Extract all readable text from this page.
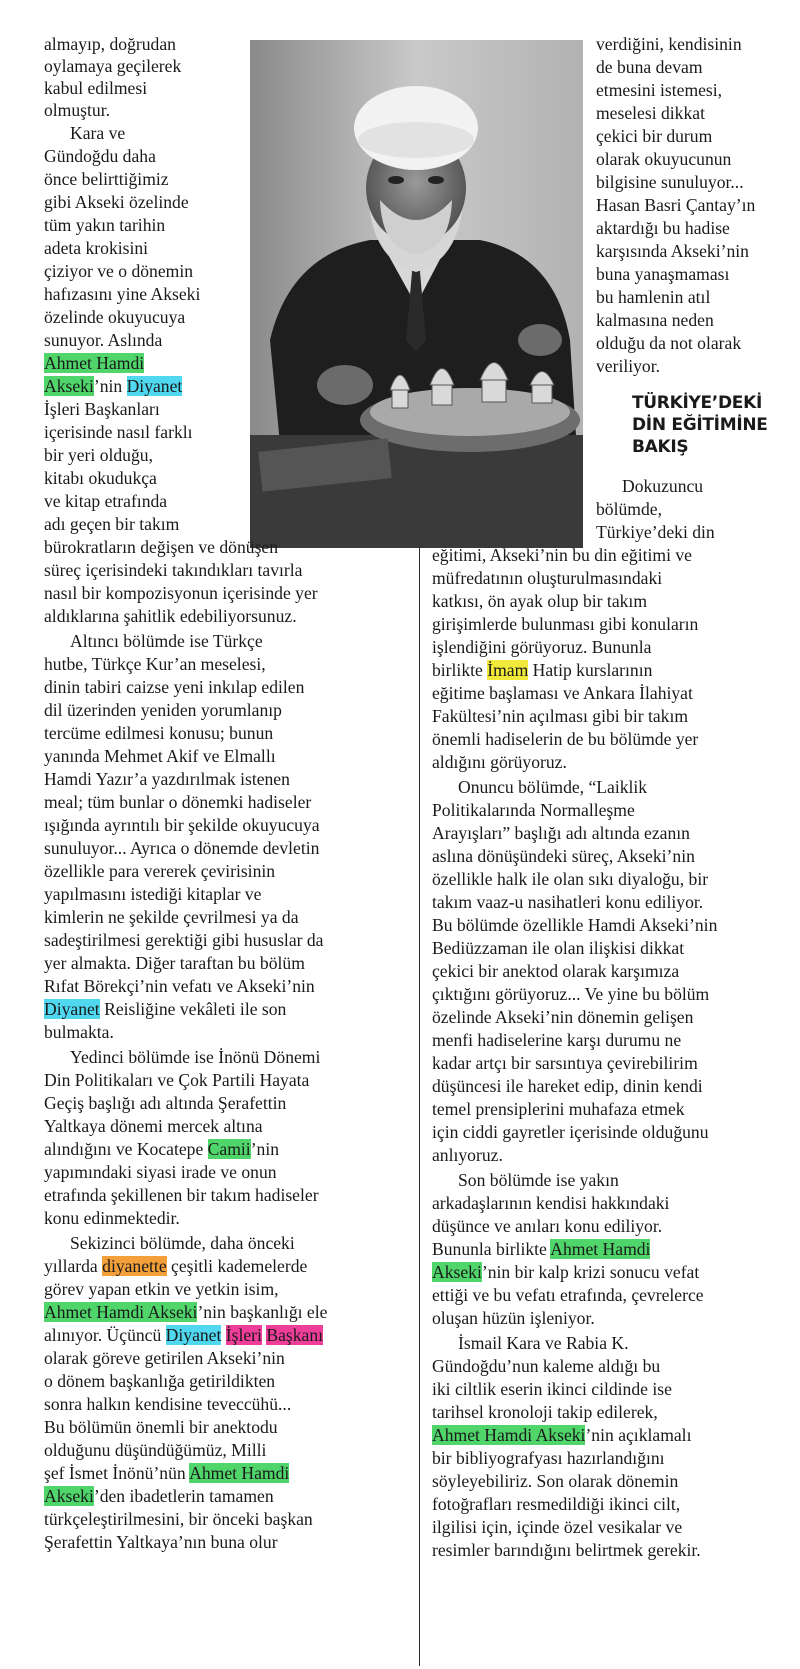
almayıp, doğrudan
oylamaya geçilerek
kabul edilmesi
olmuştur.
Kara ve
Gündoğdu daha
önce belirttiğimiz
gibi Akseki özelinde
tüm yakın tarihin
adeta krokisini
çiziyor ve o dönemin
hafızasını yine Akseki
özelinde okuyucuya
sunuyor. Aslında
Ahmet Hamdi
Akseki’nin Diyanet
İşleri Başkanları
içerisinde nasıl farklı
bir yeri olduğu,
kitabı okudukça
ve kitap etrafında
adı geçen bir takım
bürokratların değişen ve dönüşen
süreç içerisindeki takındıkları tavırla
nasıl bir kompozisyonun içerisinde yer
aldıklarına şahitlik edebiliyorsunuz.
Altıncı bölümde ise Türkçe
hutbe, Türkçe Kur’an meselesi,
dinin tabiri caizse yeni inkılap edilen
dil üzerinden yeniden yorumlanıp
tercüme edilmesi konusu; bunun
yanında Mehmet Akif ve Elmallı
Hamdi Yazır’a yazdırılmak istenen
meal; tüm bunlar o dönemki hadiseler
ışığında ayrıntılı bir şekilde okuyucuya
sunuluyor... Ayrıca o dönemde devletin
özellikle para vererek çevirisinin
yapılmasını istediği kitaplar ve
kimlerin ne şekilde çevrilmesi ya da
sadeştirilmesi gerektiği gibi hususlar da
yer almakta. Diğer taraftan bu bölüm
Rıfat Börekçi’nin vefatı ve Akseki’nin
Diyanet Reisliğine vekâleti ile son
bulmakta.
Yedinci bölümde ise İnönü Dönemi
Din Politikaları ve Çok Partili Hayata
Geçiş başlığı adı altında Şerafettin
Yaltkaya dönemi mercek altına
alındığını ve Kocatepe Camii’nin
yapımındaki siyasi irade ve onun
etrafında şekillenen bir takım hadiseler
konu edinmektedir.
Sekizinci bölümde, daha önceki
yıllarda diyanette çeşitli kademelerde
görev yapan etkin ve yetkin isim,
Ahmet Hamdi Akseki’nin başkanlığı ele
alınıyor. Üçüncü Diyanet İşleri Başkanı
olarak göreve getirilen Akseki’nin
o dönem başkanlığa getirildikten
sonra halkın kendisine teveccühü...
Bu bölümün önemli bir anektodu
olduğunu düşündüğümüz, Milli
şef İsmet İnönü’nün Ahmet Hamdi
Akseki’den ibadetlerin tamamen
türkçeleştirilmesini, bir önceki başkan
Şerafettin Yaltkaya’nın buna olur
verdiğini, kendisinin
de buna devam
etmesini istemesi,
meselesi dikkat
çekici bir durum
olarak okuyucunun
bilgisine sunuluyor...
Hasan Basri Çantay’ın
aktardığı bu hadise
karşısında Akseki’nin
buna yanaşmaması
bu hamlenin atıl
kalmasına neden
olduğu da not olarak
veriliyor.
TÜRKİYE’DEKİ
DİN EĞİTİMİNE
BAKIŞ
Dokuzuncu
bölümde,
Türkiye’deki din
eğitimi, Akseki’nin bu din eğitimi ve
müfredatının oluşturulmasındaki
katkısı, ön ayak olup bir takım
girişimlerde bulunması gibi konuların
işlendiğini görüyoruz. Bununla
birlikte İmam Hatip kurslarının
eğitime başlaması ve Ankara İlahiyat
Fakültesi’nin açılması gibi bir takım
önemli hadiselerin de bu bölümde yer
aldığını görüyoruz.
Onuncu bölümde, “Laiklik
Politikalarında Normalleşme
Arayışları” başlığı adı altında ezanın
aslına dönüşündeki süreç, Akseki’nin
özellikle halk ile olan sıkı diyaloğu, bir
takım vaaz-u nasihatleri konu ediliyor.
Bu bölümde özellikle Hamdi Akseki’nin
Bediüzzaman ile olan ilişkisi dikkat
çekici bir anektod olarak karşımıza
çıktığını görüyoruz... Ve yine bu bölüm
özelinde Akseki’nin dönemin gelişen
menfi hadiselerine karşı durumu ne
kadar artçı bir sarsıntıya çevirebilirim
düşüncesi ile hareket edip, dinin kendi
temel prensiplerini muhafaza etmek
için ciddi gayretler içerisinde olduğunu
anlıyoruz.
Son bölümde ise yakın
arkadaşlarının kendisi hakkındaki
düşünce ve anıları konu ediliyor.
Bununla birlikte Ahmet Hamdi
Akseki’nin bir kalp krizi sonucu vefat
ettiği ve bu vefatı etrafında, çevrelerce
oluşan hüzün işleniyor.
İsmail Kara ve Rabia K.
Gündoğdu’nun kaleme aldığı bu
iki ciltlik eserin ikinci cildinde ise
tarihsel kronoloji takip edilerek,
Ahmet Hamdi Akseki’nin açıklamalı
bir bibliyografyası hazırlandığını
söyleyebiliriz. Son olarak dönemin
fotoğrafları resmedildiği ikinci cilt,
ilgilisi için, içinde özel vesikalar ve
resimler barındığını belirtmek gerekir.
